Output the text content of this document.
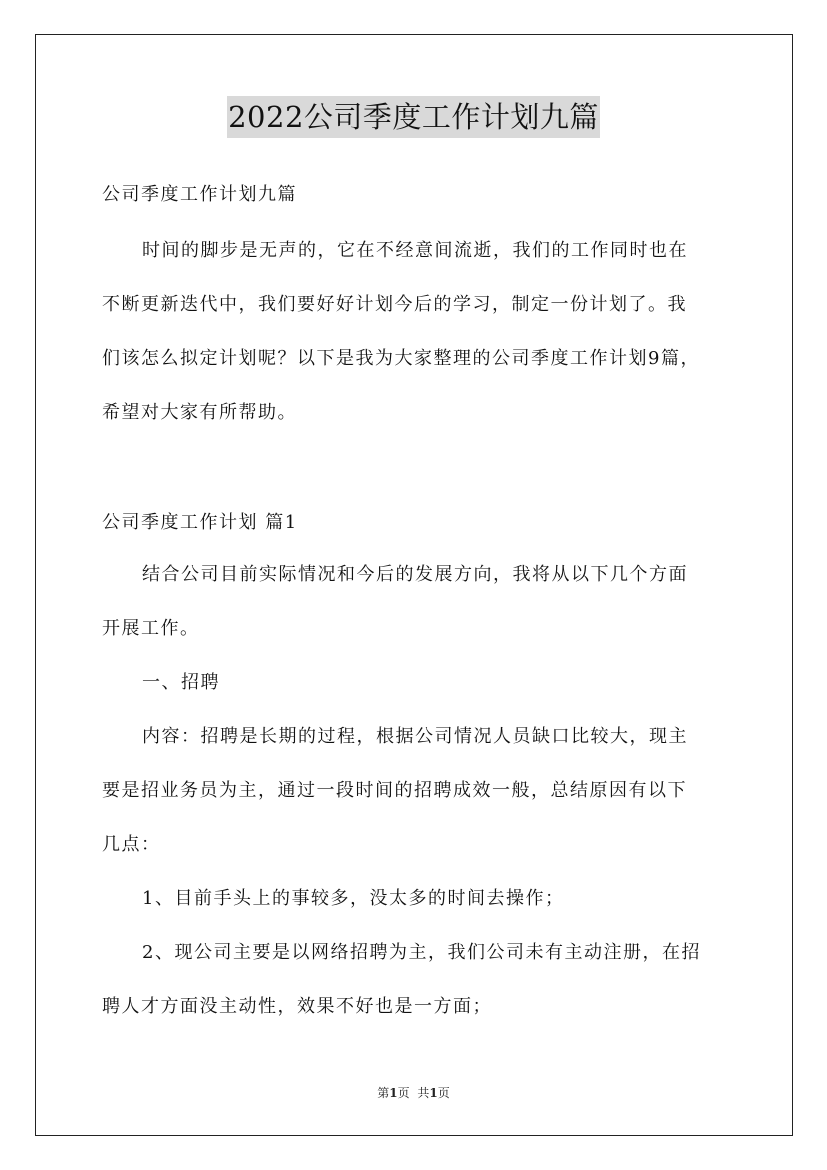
2022公司季度工作计划九篇
公司季度工作计划九篇
时间的脚步是无声的，它在不经意间流逝，我们的工作同时也在
不断更新迭代中，我们要好好计划今后的学习，制定一份计划了。我
们该怎么拟定计划呢？以下是我为大家整理的公司季度工作计划9篇，
希望对大家有所帮助。
公司季度工作计划 篇1
结合公司目前实际情况和今后的发展方向，我将从以下几个方面
开展工作。
一、招聘
内容：招聘是长期的过程，根据公司情况人员缺口比较大，现主
要是招业务员为主，通过一段时间的招聘成效一般，总结原因有以下
几点：
1、目前手头上的事较多，没太多的时间去操作；
2、现公司主要是以网络招聘为主，我们公司未有主动注册，在招
聘人才方面没主动性，效果不好也是一方面；
第1页 共1页
